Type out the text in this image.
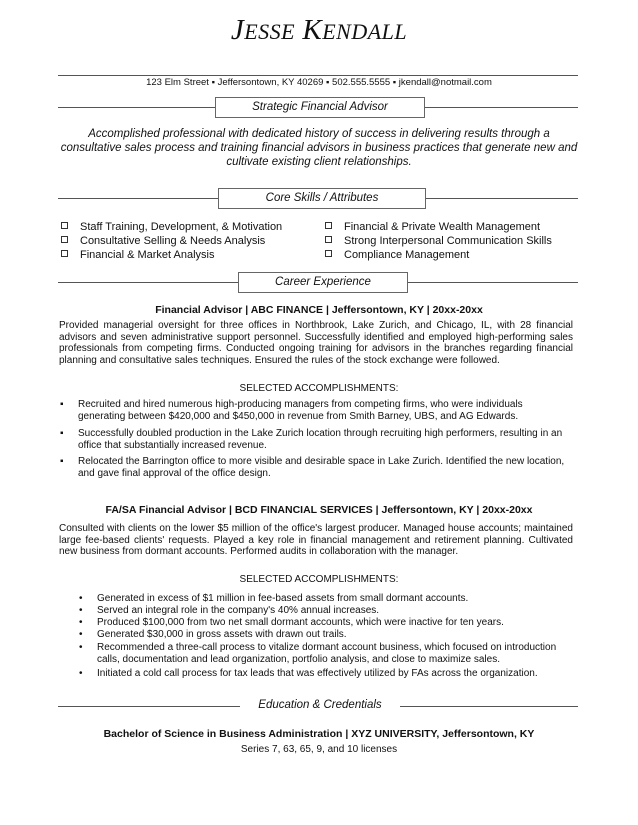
JESSE KENDALL
123 Elm Street ▪ Jeffersontown, KY 40269 ▪ 502.555.5555 ▪ jkendall@notmail.com
Strategic Financial Advisor
Accomplished professional with dedicated history of success in delivering results through a consultative sales process and training financial advisors in business practices that generate new and cultivate existing client relationships.
Core Skills / Attributes
Staff Training, Development, & Motivation
Consultative Selling & Needs Analysis
Financial & Market Analysis
Financial & Private Wealth Management
Strong Interpersonal Communication Skills
Compliance Management
Career Experience
Financial Advisor | ABC FINANCE | Jeffersontown, KY | 20xx-20xx
Provided managerial oversight for three offices in Northbrook, Lake Zurich, and Chicago, IL, with 28 financial advisors and seven administrative support personnel. Successfully identified and employed high-performing sales professionals from competing firms. Conducted ongoing training for advisors in the branches regarding financial planning and consultative sales techniques. Ensured the rules of the stock exchange were followed.
SELECTED ACCOMPLISHMENTS:
▪ Recruited and hired numerous high-producing managers from competing firms, who were individuals generating between $420,000 and $450,000 in revenue from Smith Barney, UBS, and AG Edwards.
▪ Successfully doubled production in the Lake Zurich location through recruiting high performers, resulting in an office that substantially increased revenue.
▪ Relocated the Barrington office to more visible and desirable space in Lake Zurich. Identified the new location, and gave final approval of the office design.
FA/SA Financial Advisor | BCD FINANCIAL SERVICES | Jeffersontown, KY | 20xx-20xx
Consulted with clients on the lower $5 million of the office's largest producer. Managed house accounts; maintained large fee-based clients' requests. Played a key role in financial management and retirement planning. Cultivated new business from dormant accounts. Performed audits in collaboration with the manager.
SELECTED ACCOMPLISHMENTS:
• Generated in excess of $1 million in fee-based assets from small dormant accounts.
• Served an integral role in the company's 40% annual increases.
• Produced $100,000 from two net small dormant accounts, which were inactive for ten years.
• Generated $30,000 in gross assets with drawn out trails.
• Recommended a three-call process to vitalize dormant account business, which focused on introduction calls, documentation and lead organization, portfolio analysis, and close to maximize sales.
• Initiated a cold call process for tax leads that was effectively utilized by FAs across the organization.
Education & Credentials
Bachelor of Science in Business Administration | XYZ UNIVERSITY, Jeffersontown, KY
Series 7, 63, 65, 9, and 10 licenses
